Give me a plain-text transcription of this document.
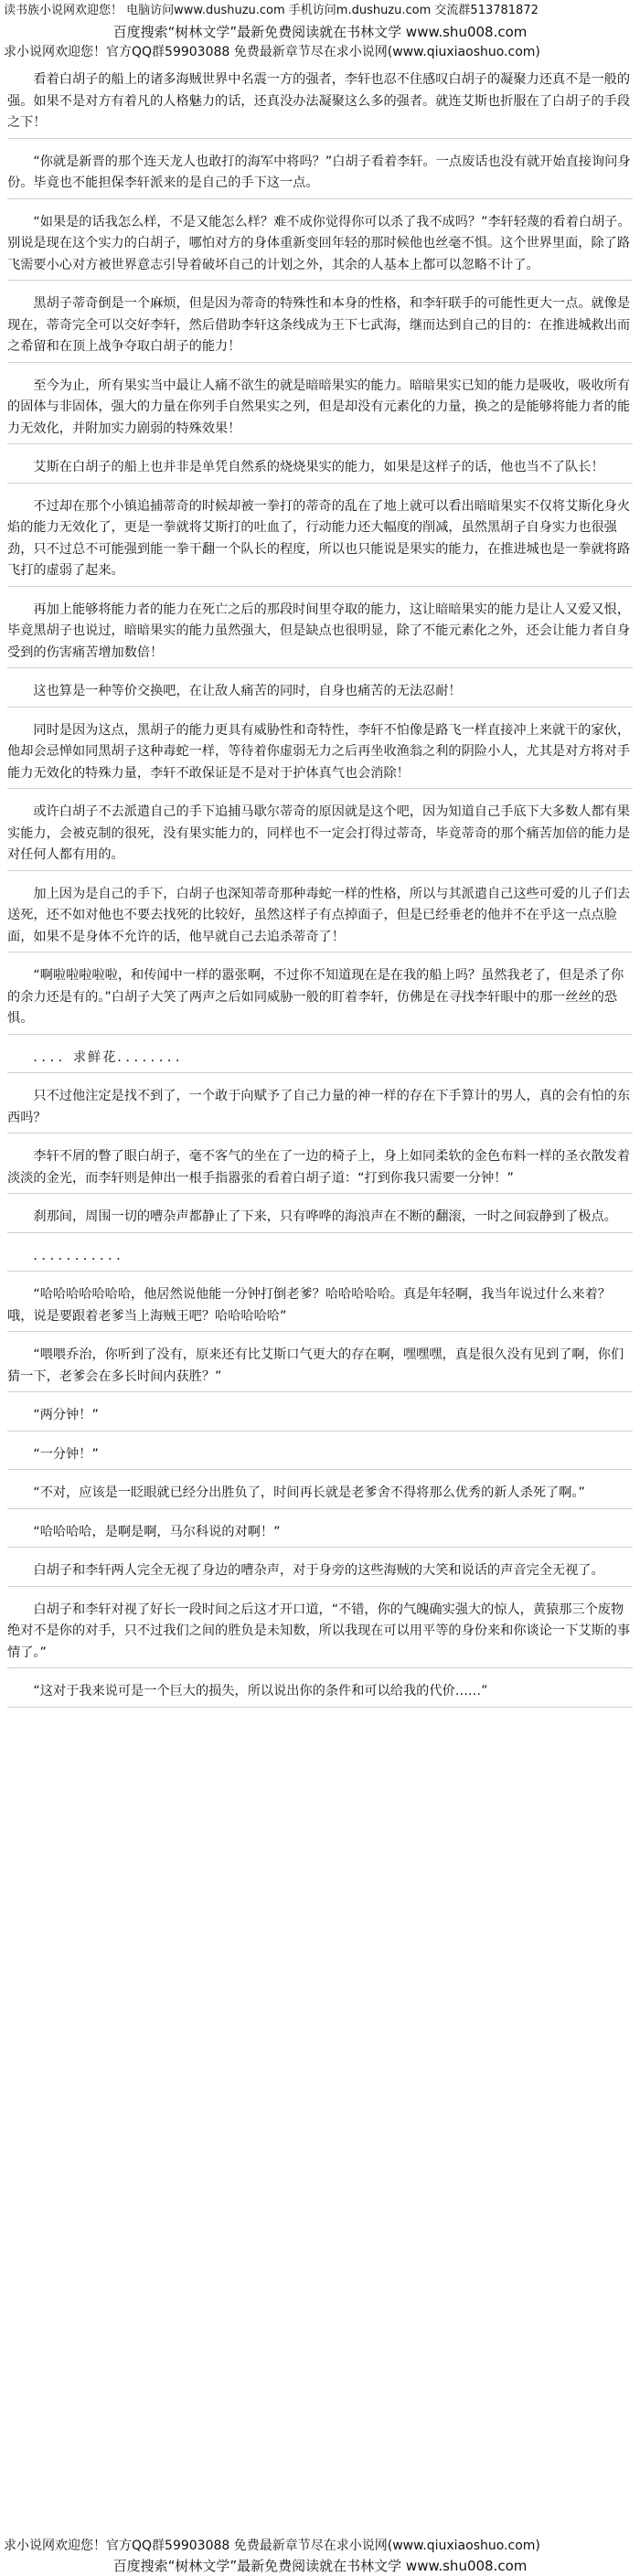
读书族小说网欢迎您！ 电脑访问www.dushuzu.com 手机访问m.dushuzu.com 交流群513781872
百度搜索“树林文学”最新免费阅读就在书林文学 www.shu008.com
求小说网欢迎您！官方QQ群59903088 免费最新章节尽在求小说网(www.qiuxiaoshuo.com)

看着白胡子的船上的诸多海贼世界中名震一方的强者，李轩也忍不住感叹白胡子的凝聚力还真不是一般的强。如果不是对方有着凡的人格魅力的话，还真没办法凝聚这么多的强者。就连艾斯也折服在了白胡子的手段之下！

“你就是新晋的那个连天龙人也敢打的海军中将吗？”白胡子看着李轩。一点废话也没有就开始直接询问身份。毕竟也不能担保李轩派来的是自己的手下这一点。

“如果是的话我怎么样，不是又能怎么样？难不成你觉得你可以杀了我不成吗？”李轩轻蔑的看着白胡子。别说是现在这个实力的白胡子，哪怕对方的身体重新变回年轻的那时候他也丝毫不惧。这个世界里面，除了路飞需要小心对方被世界意志引导着破坏自己的计划之外，其余的人基本上都可以忽略不计了。

黑胡子蒂奇倒是一个麻烦，但是因为蒂奇的特殊性和本身的性格，和李轩联手的可能性更大一点。就像是现在，蒂奇完全可以交好李轩，然后借助李轩这条线成为王下七武海，继而达到自己的目的：在推进城救出而之希留和在顶上战争夺取白胡子的能力！

至今为止，所有果实当中最让人痛不欲生的就是暗暗果实的能力。暗暗果实已知的能力是吸收，吸收所有的固体与非固体，强大的力量在你列手自然果实之列，但是却没有元素化的力量，换之的是能够将能力者的能力无效化，并附加实力剧弱的特殊效果！

艾斯在白胡子的船上也并非是单凭自然系的烧烧果实的能力，如果是这样子的话，他也当不了队长！

不过却在那个小镇追捕蒂奇的时候却被一拳打的蒂奇的乱在了地上就可以看出暗暗果实不仅将艾斯化身火焰的能力无效化了，更是一拳就将艾斯打的吐血了，行动能力还大幅度的削减，虽然黑胡子自身实力也很强劲，只不过总不可能强到能一拳干翻一个队长的程度，所以也只能说是果实的能力，在推进城也是一拳就将路飞打的虚弱了起来。

再加上能够将能力者的能力在死亡之后的那段时间里夺取的能力，这让暗暗果实的能力是让人又爱又恨，毕竟黑胡子也说过，暗暗果实的能力虽然强大，但是缺点也很明显，除了不能元素化之外，还会让能力者自身受到的伤害痛苦增加数倍！

这也算是一种等价交换吧，在让敌人痛苦的同时，自身也痛苦的无法忍耐！

同时是因为这点，黑胡子的能力更具有威胁性和奇特性，李轩不怕像是路飞一样直接冲上来就干的家伙，他却会忌惮如同黑胡子这种毒蛇一样，等待着你虚弱无力之后再坐收渔翁之利的阴险小人，尤其是对方将对手能力无效化的特殊力量，李轩不敢保证是不是对于护体真气也会消除！

或许白胡子不去派遣自己的手下追捕马歇尔蒂奇的原因就是这个吧，因为知道自己手底下大多数人都有果实能力，会被克制的很死，没有果实能力的，同样也不一定会打得过蒂奇，毕竟蒂奇的那个痛苦加倍的能力是对任何人都有用的。

加上因为是自己的手下，白胡子也深知蒂奇那种毒蛇一样的性格，所以与其派遣自己这些可爱的儿子们去送死，还不如对他也不要去找死的比较好，虽然这样子有点掉面子，但是已经垂老的他并不在乎这一点点脸面，如果不是身体不允许的话，他早就自己去追杀蒂奇了！

“啊啦啦啦啦啦，和传闻中一样的嚣张啊，不过你不知道现在是在我的船上吗？虽然我老了，但是杀了你的余力还是有的。”白胡子大笑了两声之后如同威胁一般的盯着李轩，仿佛是在寻找李轩眼中的那一丝丝的恐惧。

．．．．求鲜花．．．．．．．．

只不过他注定是找不到了，一个敢于向赋予了自己力量的神一样的存在下手算计的男人，真的会有怕的东西吗？

李轩不屑的瞥了眼白胡子，毫不客气的坐在了一边的椅子上，身上如同柔软的金色布料一样的圣衣散发着淡淡的金光，而李轩则是伸出一根手指嚣张的看着白胡子道：“打到你我只需要一分钟！”

刹那间，周围一切的嘈杂声都静止了下来，只有哗哗的海浪声在不断的翻滚，一时之间寂静到了极点。

．．．．．．．．．．．

“哈哈哈哈哈哈哈，他居然说他能一分钟打倒老爹？哈哈哈哈哈。真是年轻啊，我当年说过什么来着？哦，说是要跟着老爹当上海贼王吧？哈哈哈哈哈”

“喂喂乔治，你听到了没有，原来还有比艾斯口气更大的存在啊，嘿嘿嘿，真是很久没有见到了啊，你们猜一下，老爹会在多长时间内获胜？”

“两分钟！”

“一分钟！”

“不对，应该是一眨眼就已经分出胜负了，时间再长就是老爹舍不得将那么优秀的新人杀死了啊。”

“哈哈哈哈，是啊是啊，马尔科说的对啊！”

白胡子和李轩两人完全无视了身边的嘈杂声，对于身旁的这些海贼的大笑和说话的声音完全无视了。

白胡子和李轩对视了好长一段时间之后这才开口道，“不错，你的气魄确实强大的惊人，黄猿那三个废物绝对不是你的对手，只不过我们之间的胜负是未知数，所以我现在可以用平等的身份来和你谈论一下艾斯的事情了。”

“这对于我来说可是一个巨大的损失，所以说出你的条件和可以给我的代价……”

求小说网欢迎您！官方QQ群59903088 免费最新章节尽在求小说网(www.qiuxiaoshuo.com)
百度搜索“树林文学”最新免费阅读就在书林文学 www.shu008.com
